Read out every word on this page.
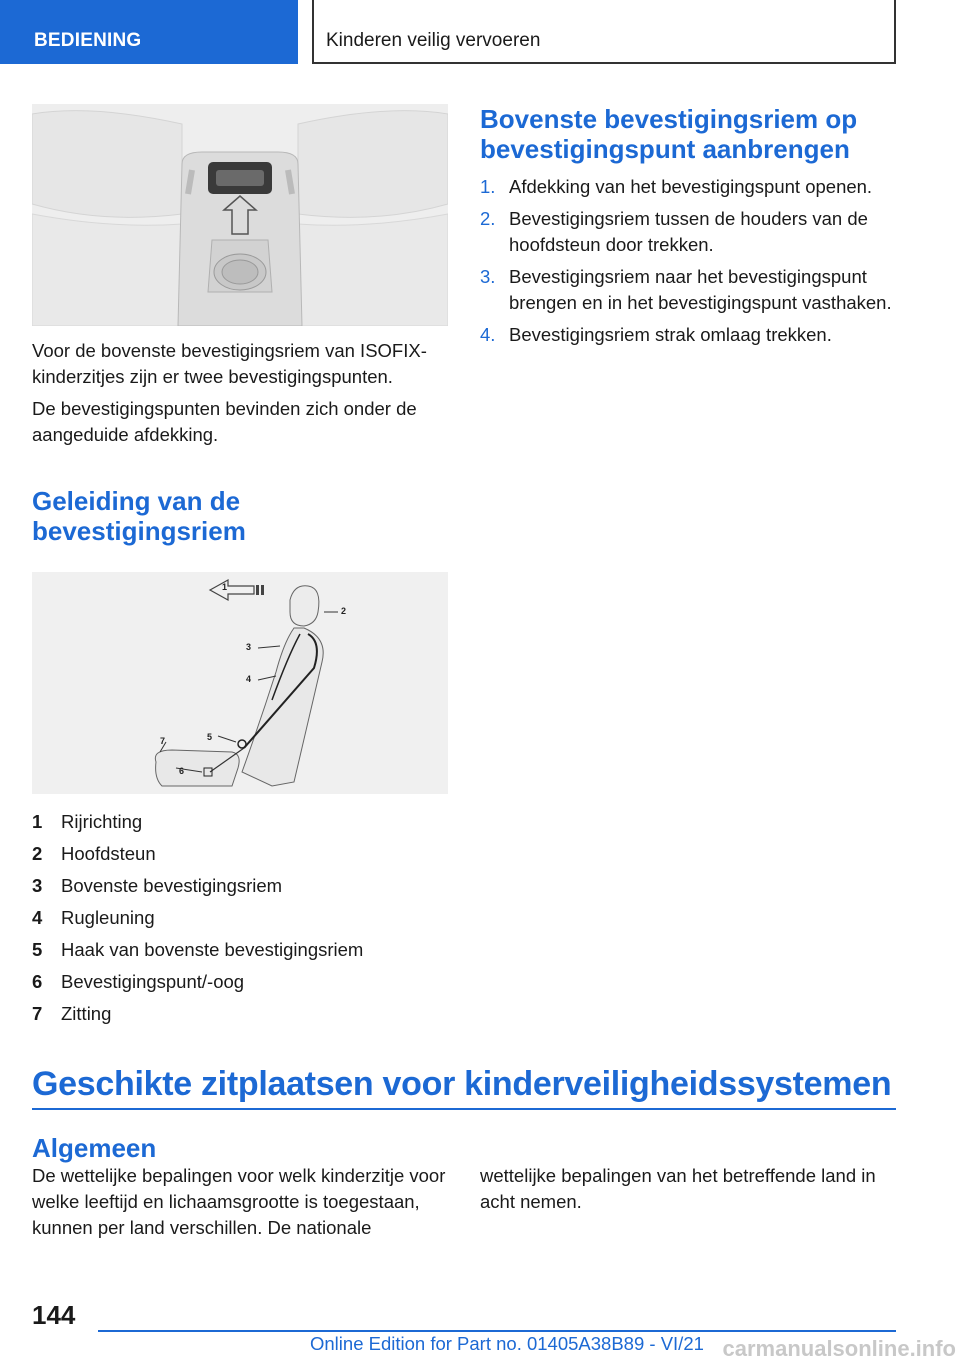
BEDIENING	Kinderen veilig vervoeren

Voor de bovenste bevestigingsriem van ISOFIX-kinderzitjes zijn er twee bevestigingspunten.

De bevestigingspunten bevinden zich onder de aangeduide afdekking.

Geleiding van de bevestigingsriem
1
2
3
4
5
6
7
1	Rijrichting
2	Hoofdsteun
3	Bovenste bevestigingsriem
4	Rugleuning
5	Haak van bovenste bevestigingsriem
6	Bevestigingspunt/-oog
7	Zitting
Bovenste bevestigingsriem op bevestigingspunt aanbrengen
1. Afdekking van het bevestigingspunt openen.
2. Bevestigingsriem tussen de houders van de hoofdsteun door trekken.
3. Bevestigingsriem naar het bevestigingspunt brengen en in het bevestigingspunt vasthaken.
4. Bevestigingsriem strak omlaag trekken.
Geschikte zitplaatsen voor kinderveiligheidssystemen
Algemeen

De wettelijke bepalingen voor welk kinderzitje voor welke leeftijd en lichaamsgrootte is toegestaan, kunnen per land verschillen. De nationale

wettelijke bepalingen van het betreffende land in acht nemen.

144
Online Edition for Part no. 01405A38B89 - VI/21 carmanualsonline.info
